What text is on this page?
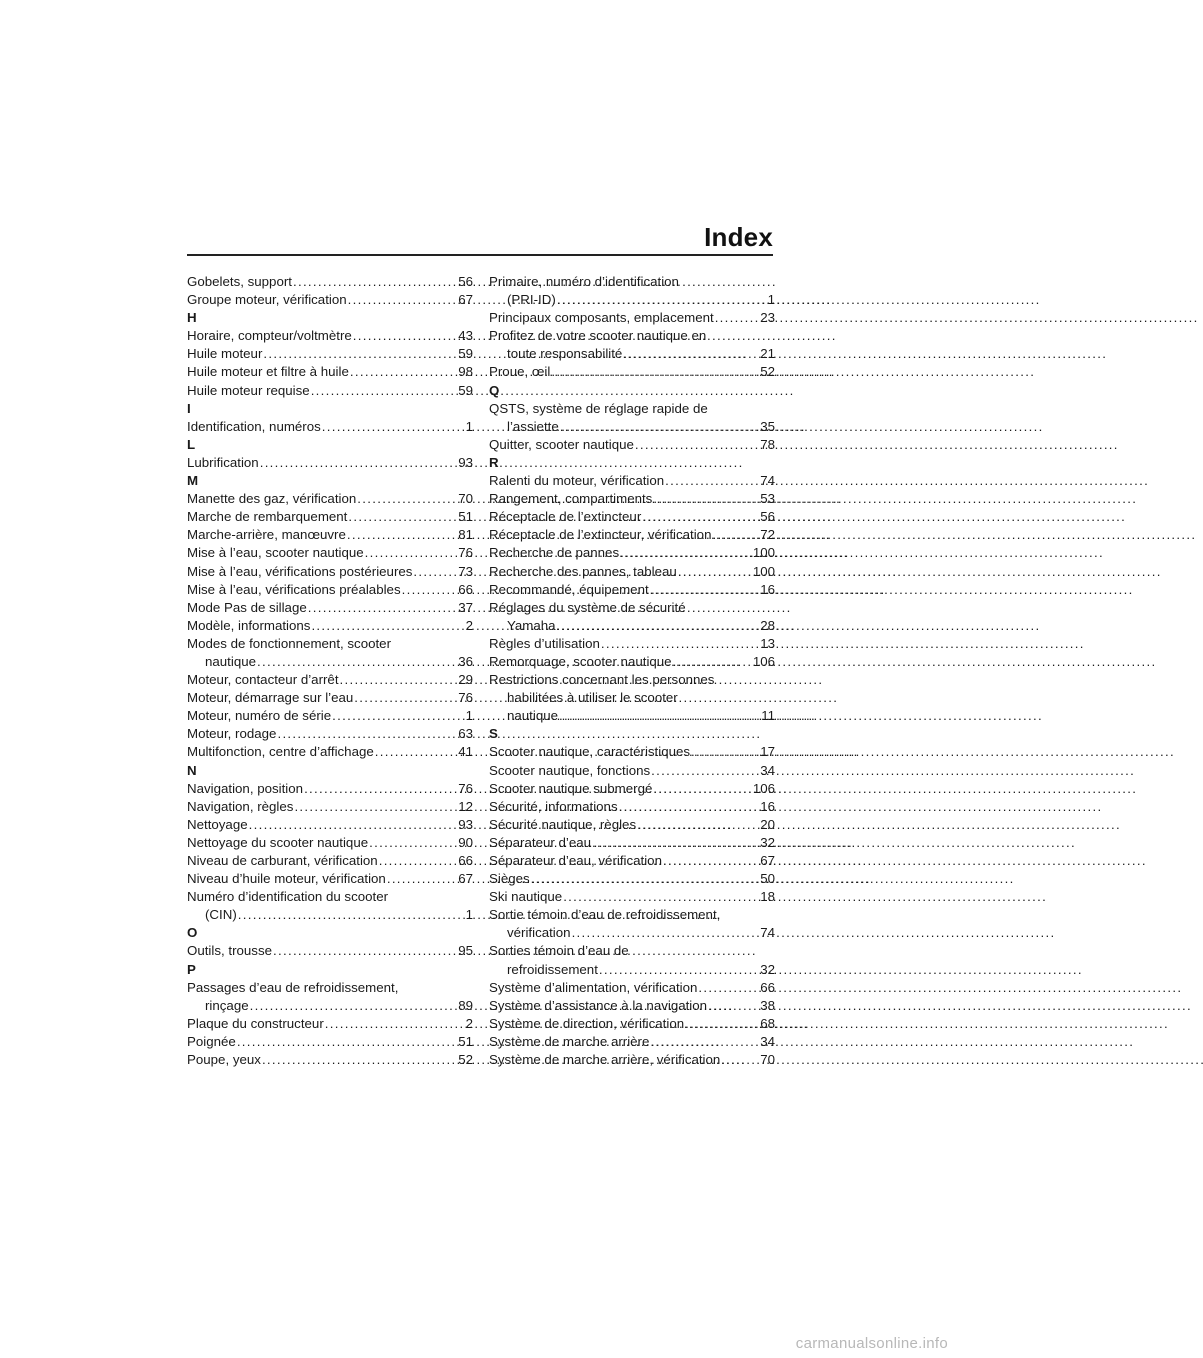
Index
Gobelets, support . . .	56
Groupe moteur, vérification . . .	67
H
Horaire, compteur/voltmètre . . .	43
Huile moteur . . .	59
Huile moteur et filtre à huile . . .	98
Huile moteur requise . . .	59
I
Identification, numéros . . .	1
L
Lubrification . . .	93
M
Manette des gaz, vérification . . .	70
Marche de rembarquement . . .	51
Marche-arrière, manœuvre . . .	81
Mise à l’eau, scooter nautique . . .	76
Mise à l’eau, vérifications postérieures . . .	73
Mise à l’eau, vérifications préalables . . .	66
Mode Pas de sillage . . .	37
Modèle, informations . . .	2
Modes de fonctionnement, scooter
nautique . . .	36
Moteur, contacteur d’arrêt . . .	29
Moteur, démarrage sur l’eau . . .	76
Moteur, numéro de série . . .	1
Moteur, rodage . . .	63
Multifonction, centre d’affichage . . .	41
N
Navigation, position . . .	76
Navigation, règles . . .	12
Nettoyage . . .	93
Nettoyage du scooter nautique . . .	90
Niveau de carburant, vérification . . .	66
Niveau d’huile moteur, vérification . . .	67
Numéro d’identification du scooter
(CIN) . . .	1
O
Outils, trousse . . .	95
P
Passages d’eau de refroidissement,
rinçage . . .	89
Plaque du constructeur . . .	2
Poignée . . .	51
Poupe, yeux . . .	52
Primaire, numéro d’identification
(PRI-ID) . . .	1
Principaux composants, emplacement . . .	23
Profitez de votre scooter nautique en
toute responsabilité . . .	21
Proue, œil . . .	52
Q
QSTS, système de réglage rapide de
l’assiette . . .	35
Quitter, scooter nautique . . .	78
R
Ralenti du moteur, vérification . . .	74
Rangement, compartiments . . .	53
Réceptacle de l’extincteur . . .	56
Réceptacle de l’extincteur, vérification . . .	72
Recherche de pannes . . .	100
Recherche des pannes, tableau . . .	100
Recommandé, équipement . . .	16
Réglages du système de sécurité
Yamaha . . .	28
Règles d’utilisation . . .	13
Remorquage, scooter nautique . . .	106
Restrictions concernant les personnes
habilitées à utiliser le scooter
nautique . . .	11
S
Scooter nautique, caractéristiques . . .	17
Scooter nautique, fonctions . . .	34
Scooter nautique submergé . . .	106
Sécurité, informations . . .	16
Sécurité nautique, règles . . .	20
Séparateur d’eau . . .	32
Séparateur d’eau, vérification . . .	67
Sièges . . .	50
Ski nautique . . .	18
Sortie témoin d’eau de refroidissement,
vérification . . .	74
Sorties témoin d’eau de
refroidissement . . .	32
Système d’alimentation, vérification . . .	66
Système d’assistance à la navigation . . .	38
Système de direction, vérification . . .	68
Système de marche arrière . . .	34
Système de marche arrière, vérification . . .	70
carmanualsonline.info
